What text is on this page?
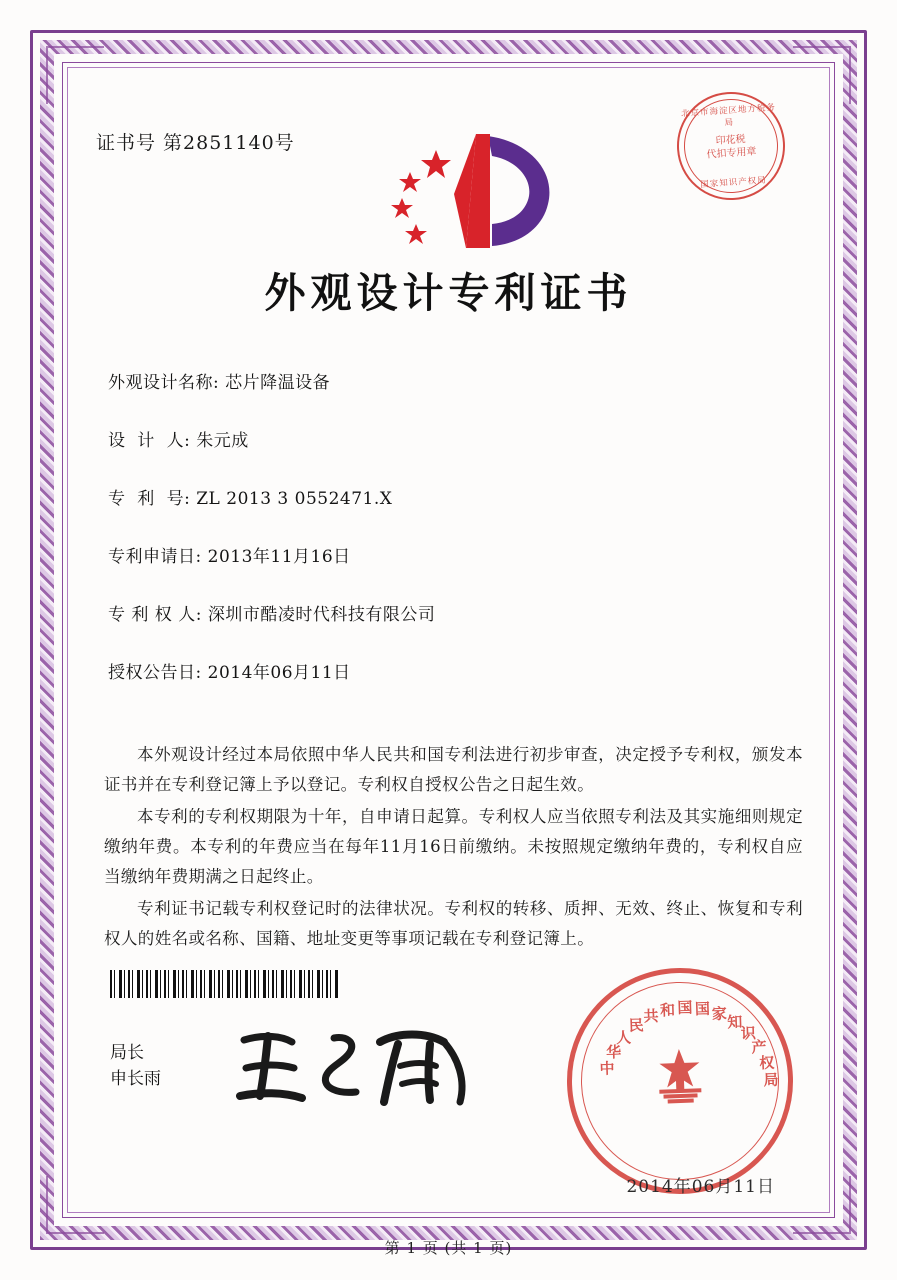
证书号 第2851140号
北京市海淀区地方税务局
印花税
代扣专用章
国家知识产权局
外观设计专利证书
外观设计名称: 芯片降温设备
设  计  人: 朱元成
专  利  号: ZL 2013 3 0552471.X
专利申请日: 2013年11月16日
专 利 权 人: 深圳市酷凌时代科技有限公司
授权公告日: 2014年06月11日

本外观设计经过本局依照中华人民共和国专利法进行初步审查，决定授予专利权，颁发本证书并在专利登记簿上予以登记。专利权自授权公告之日起生效。

本专利的专利权期限为十年，自申请日起算。专利权人应当依照专利法及其实施细则规定缴纳年费。本专利的年费应当在每年11月16日前缴纳。未按照规定缴纳年费的，专利权自应当缴纳年费期满之日起终止。

专利证书记载专利权登记时的法律状况。专利权的转移、质押、无效、终止、恢复和专利权人的姓名或名称、国籍、地址变更等事项记载在专利登记簿上。

局长
申长雨
中
华
人
民
共 和 国 国 家 知
识
产
权
局
2014年06月11日
第 1 页 (共 1 页)
